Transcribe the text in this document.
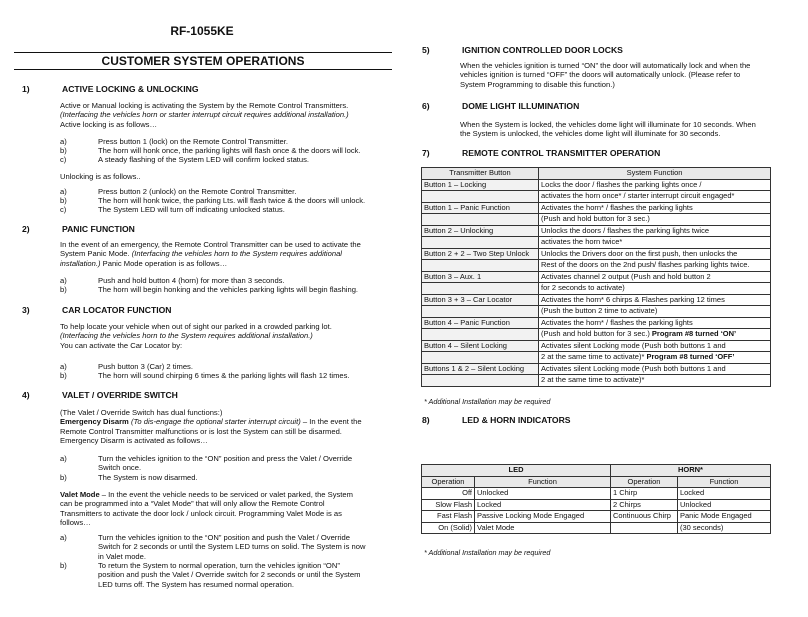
RF-1055KE
CUSTOMER SYSTEM OPERATIONS
1)	ACTIVE LOCKING & UNLOCKING
Active or Manual locking is activating the System by the Remote Control Transmitters.
(Interfacing the vehicles horn or starter interrupt circuit requires additional installation.)
Active locking is as follows…
a)	Press button 1 (lock) on the Remote Control Transmitter.
b)	The horn will honk once, the parking lights will flash once & the doors will lock.
c)	A steady flashing of the System LED will confirm locked status.
Unlocking is as follows..
a)	Press button 2 (unlock) on the Remote Control Transmitter.
b)	The horn will honk twice, the parking Lts. will flash twice & the doors will unlock.
c)	The System LED will turn off indicating unlocked status.
2)	PANIC FUNCTION
In the event of an emergency, the Remote Control Transmitter can be used to activate the
System Panic Mode. (Interfacing the vehicles horn to the System requires additional
installation.) Panic Mode operation is as follows…
a)	Push and hold button 4 (horn) for more than 3 seconds.
b)	The horn will begin honking and the vehicles parking lights will begin flashing.
3)	CAR LOCATOR FUNCTION
To help locate your vehicle when out of sight our parked in a crowded parking lot.
(Interfacing the vehicles horn to the System requires additional installation.)
You can activate the Car Locator by:
a)	Push button 3 (Car) 2 times.
b)	The horn will sound chirping 6 times & the parking lights will flash 12 times.
4)	VALET / OVERRIDE SWITCH
(The Valet / Override Switch has dual functions:)
Emergency Disarm (To dis-engage the optional starter interrupt circuit) – In the event the
Remote Control Transmitter malfunctions or is lost the System can still be disarmed.
Emergency Disarm is activated as follows…
a)	Turn the vehicles ignition to the “ON” position and press the Valet / Override
Switch once.
b)	The System is now disarmed.
Valet Mode – In the event the vehicle needs to be serviced or valet parked, the System
can be programmed into a “Valet Mode” that will only allow the Remote Control
Transmitters to activate the door lock / unlock circuit. Programming Valet Mode is as
follows…
a)	Turn the vehicles ignition to the “ON” position and push the Valet / Override
Switch for 2 seconds or until the System LED turns on solid. The System is now
in Valet mode.
b)	To return the System to normal operation, turn the vehicles ignition “ON”
position and push the Valet / Override switch for 2 seconds or until the System
LED turns off. The System has resumed normal operation.
5)	IGNITION CONTROLLED DOOR LOCKS
When the vehicles ignition is turned “ON” the door will automatically lock and when the
vehicles ignition is turned “OFF” the doors will automatically unlock. (Please refer to
System Programming to disable this function.)
6)	DOME LIGHT ILLUMINATION
When the System is locked, the vehicles dome light will illuminate for 10 seconds. When
the System is unlocked, the vehicles dome light will illuminate for 30 seconds.
7)	REMOTE CONTROL TRANSMITTER OPERATION
Transmitter Button	System Function
Button 1 – Locking	Locks the door / flashes the parking lights once /
	activates the horn once* / starter interrupt circuit engaged*
Button 1 – Panic Function	Activates the horn* / flashes the parking lights
	(Push and hold button for 3 sec.)
Button 2 – Unlocking	Unlocks the doors / flashes the parking lights twice
	activates the horn twice*
Button 2 + 2 – Two Step Unlock	Unlocks the Drivers door on the first push, then unlocks the
	Rest of the doors on the 2nd push/ flashes parking lights twice.
Button 3 – Aux. 1	Activates channel 2 output (Push and hold button 2
	for 2 seconds to activate)
Button 3 + 3 – Car Locator	Activates the horn* 6 chirps & Flashes parking 12 times
	(Push the button 2 time to activate)
Button 4 – Panic Function	Activates the horn* / flashes the parking lights
	(Push and hold button for 3 sec.) Program #8 turned ‘ON’
Button 4 – Silent Locking	Activates silent Locking mode (Push both buttons 1 and
	2 at the same time to activate)* Program #8 turned ‘OFF’
Buttons 1 & 2 – Silent Locking	Activates silent Locking mode (Push both buttons 1 and
	2 at the same time to activate)*
* Additional Installation may be required
8)	LED & HORN INDICATORS
LED		HORN*	
Operation	Function	Operation	Function
Off	Unlocked	1 Chirp	Locked
Slow Flash	Locked	2 Chirps	Unlocked
Fast Flash	Passive Locking Mode Engaged	Continuous Chirp	Panic Mode Engaged
On (Solid)	Valet Mode		(30 seconds)
* Additional Installation may be required
